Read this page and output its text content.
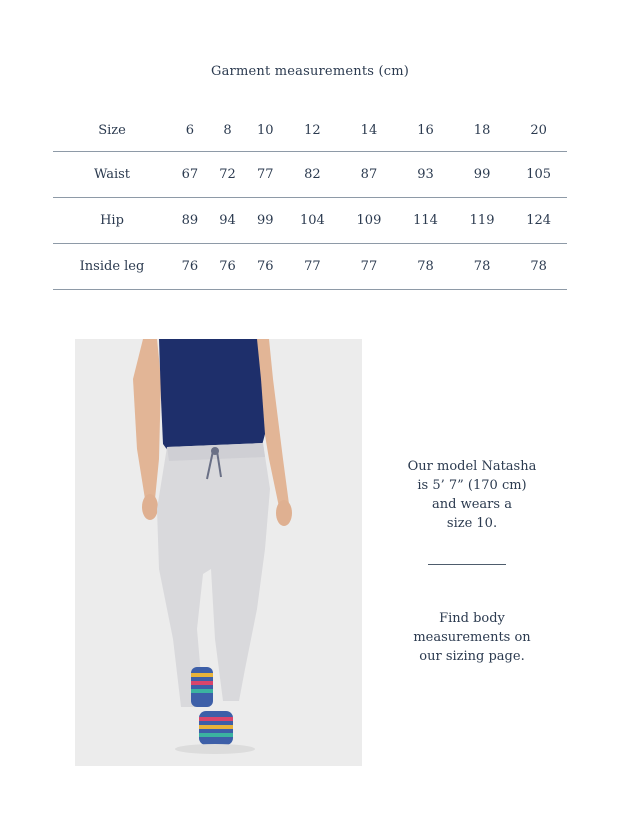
Garment measurements (cm)
Size	6	8	10	12	14	16	18	20
Waist	67	72	77	82	87	93	99	105
Hip	89	94	99	104	109	114	119	124
Inside leg	76	76	76	77	77	78	78	78
Our model Natasha
is 5’ 7” (170 cm)
and wears a
size 10.
Find body
measurements on
our sizing page.
